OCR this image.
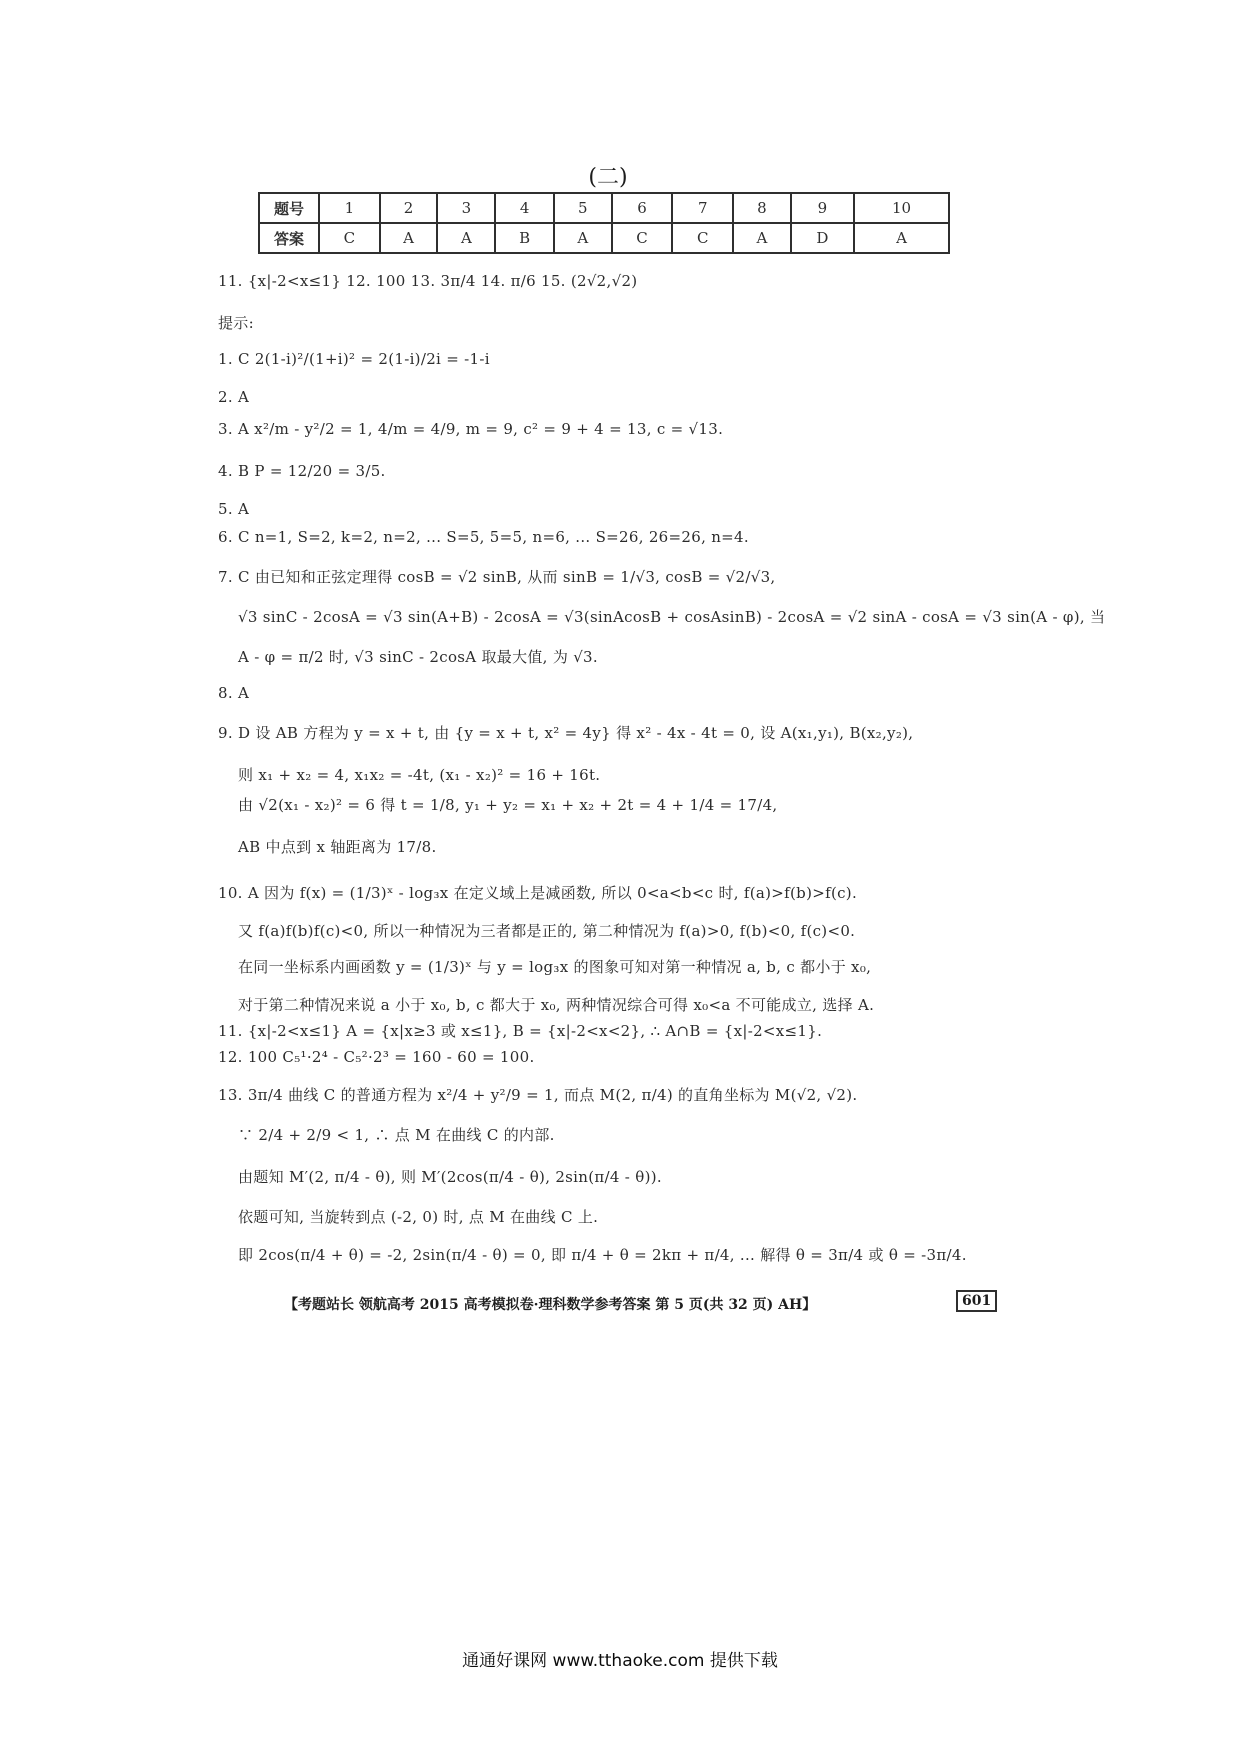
(二)
题号	1	2	3	4	5	6	7	8	9	10
答案	C	A	A	B	A	C	C	A	D	A
11. {x|-2<x≤1} 12. 100 13. 3π/4 14. π/6 15. (2√2,√2)
提示:
1. C 2(1-i)²/(1+i)² = 2(1-i)/2i = -1-i
2. A
3. A x²/m - y²/2 = 1, 4/m = 4/9, m = 9, c² = 9 + 4 = 13, c = √13.
4. B P = 12/20 = 3/5.
5. A
6. C n=1, S=2, k=2, n=2, ... S=5, 5=5, n=6, ... S=26, 26=26, n=4.
7. C 由已知和正弦定理得 cosB = √2 sinB, 从而 sinB = 1/√3, cosB = √2/√3,
√3 sinC - 2cosA = √3 sin(A+B) - 2cosA = √3(sinAcosB + cosAsinB) - 2cosA = √2 sinA - cosA = √3 sin(A - φ), 当
A - φ = π/2 时, √3 sinC - 2cosA 取最大值, 为 √3.
8. A
9. D 设 AB 方程为 y = x + t, 由 {y = x + t, x² = 4y} 得 x² - 4x - 4t = 0, 设 A(x₁,y₁), B(x₂,y₂),
则 x₁ + x₂ = 4, x₁x₂ = -4t, (x₁ - x₂)² = 16 + 16t.
由 √2(x₁ - x₂)² = 6 得 t = 1/8, y₁ + y₂ = x₁ + x₂ + 2t = 4 + 1/4 = 17/4,
AB 中点到 x 轴距离为 17/8.
10. A 因为 f(x) = (1/3)ˣ - log₃x 在定义域上是减函数, 所以 0<a<b<c 时, f(a)>f(b)>f(c).
又 f(a)f(b)f(c)<0, 所以一种情况为三者都是正的, 第二种情况为 f(a)>0, f(b)<0, f(c)<0.
在同一坐标系内画函数 y = (1/3)ˣ 与 y = log₃x 的图象可知对第一种情况 a, b, c 都小于 x₀,
对于第二种情况来说 a 小于 x₀, b, c 都大于 x₀, 两种情况综合可得 x₀<a 不可能成立, 选择 A.
11. {x|-2<x≤1} A = {x|x≥3 或 x≤1}, B = {x|-2<x<2}, ∴ A∩B = {x|-2<x≤1}.
12. 100 C₅¹·2⁴ - C₅²·2³ = 160 - 60 = 100.
13. 3π/4 曲线 C 的普通方程为 x²/4 + y²/9 = 1, 而点 M(2, π/4) 的直角坐标为 M(√2, √2).
∵ 2/4 + 2/9 < 1, ∴ 点 M 在曲线 C 的内部.
由题知 M′(2, π/4 - θ), 则 M′(2cos(π/4 - θ), 2sin(π/4 - θ)).
依题可知, 当旋转到点 (-2, 0) 时, 点 M 在曲线 C 上.
即 2cos(π/4 + θ) = -2, 2sin(π/4 - θ) = 0, 即 π/4 + θ = 2kπ + π/4, ... 解得 θ = 3π/4 或 θ = -3π/4.
【考题站长 领航高考 2015 高考模拟卷·理科数学参考答案 第 5 页(共 32 页) AH】	601
通通好课网 www.tthaoke.com 提供下载
